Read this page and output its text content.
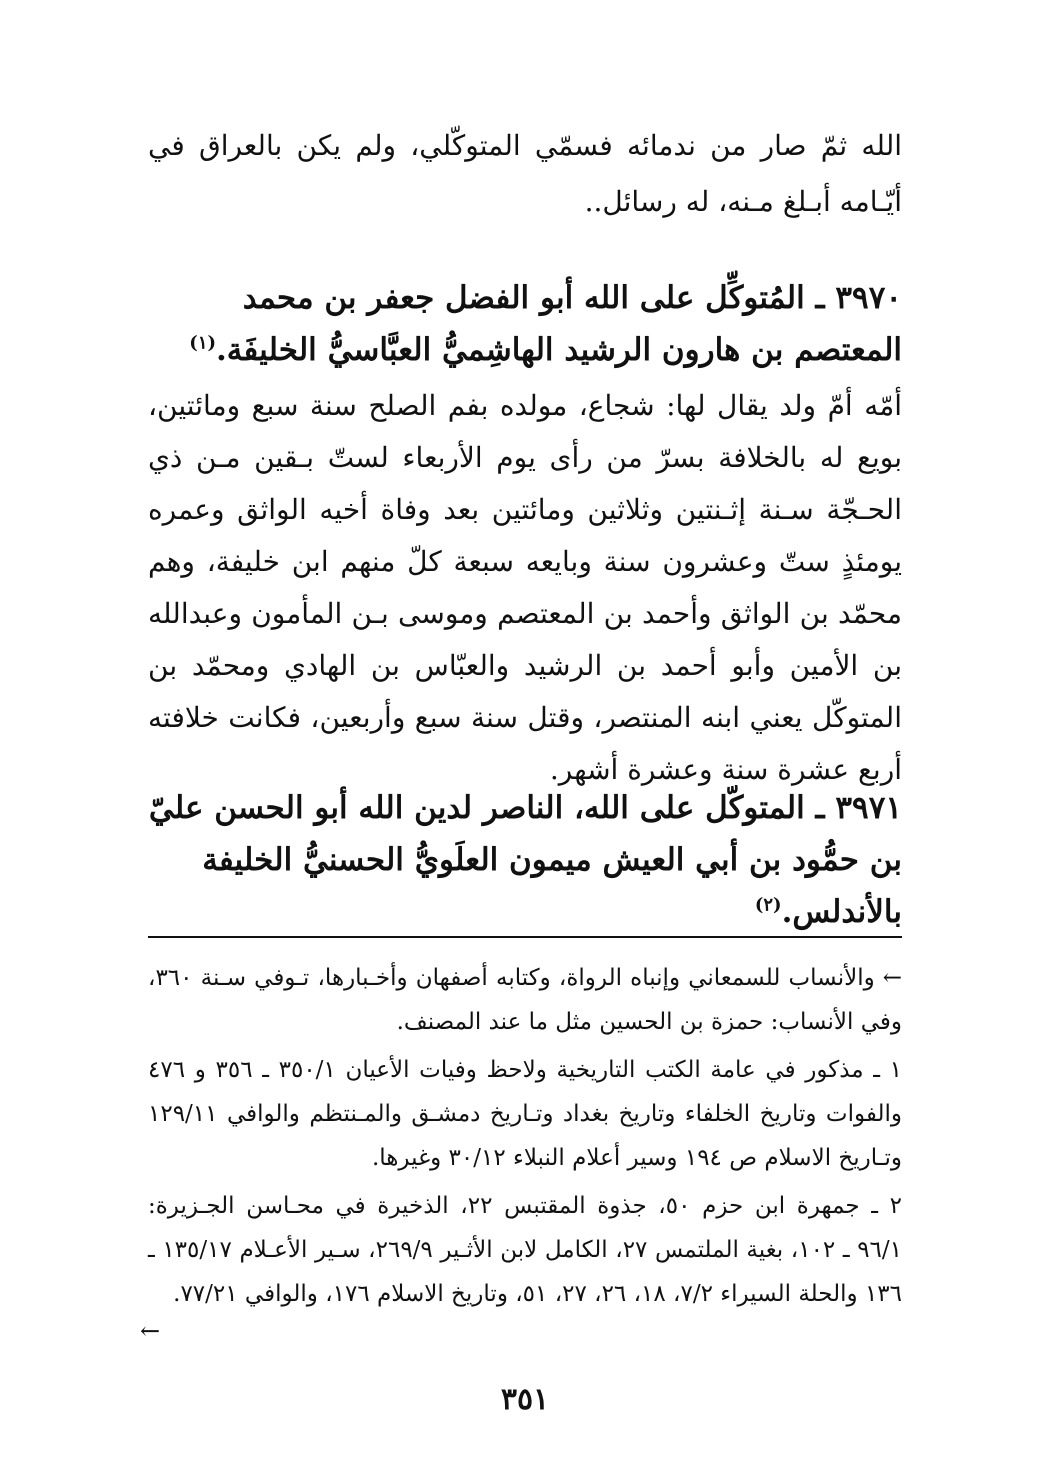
الله ثمّ صار من ندمائه فسمّي المتوكّلي، ولم يكن بالعراق في أيّـامه أبـلغ مـنه، له رسائل..
٣٩٧٠ ـ المُتوكِّل على الله أبو الفضل جعفر بن محمد المعتصم بن هارون الرشيد الهاشِميُّ العبَّاسيُّ الخليفَة.$^{(١)}$
أمّه أمّ ولد يقال لها: شجاع، مولده بفم الصلح سنة سبع ومائتين، بويع له بالخلافة بسرّ من رأى يوم الأربعاء لستّ بـقين مـن ذي الحـجّة سـنة إثـنتين وثلاثين ومائتين بعد وفاة أخيه الواثق وعمره يومئذٍ ستّ وعشرون سنة وبايعه سبعة كلّ منهم ابن خليفة، وهم محمّد بن الواثق وأحمد بن المعتصم وموسى بـن المأمون وعبدالله بن الأمين وأبو أحمد بن الرشيد والعبّاس بن الهادي ومحمّد بن المتوكّل يعني ابنه المنتصر، وقتل سنة سبع وأربعين، فكانت خلافته أربع عشرة سنة وعشرة أشهر.
٣٩٧١ ـ المتوكّل على الله، الناصر لدين الله أبو الحسن عليّ بن حمُّود بن أبي العيش ميمون العلَويُّ الحسنيُّ الخليفة بالأندلس.$^{(٢)}$

←والأنساب للسمعاني وإنباه الرواة، وكتابه أصفهان وأخـبارها، تـوفي سـنة ٣٦٠، وفي الأنساب: حمزة بن الحسين مثل ما عند المصنف.

١ ـ مذكور في عامة الكتب التاريخية ولاحظ وفيات الأعيان ٣٥٠/١ ـ ٣٥٦ و ٤٧٦ والفوات وتاريخ الخلفاء وتاريخ بغداد وتـاريخ دمشـق والمـنتظم والوافي ١٢٩/١١ وتـاريخ الاسلام ص ١٩٤ وسير أعلام النبلاء ٣٠/١٢ وغيرها.

٢ ـ جمهرة ابن حزم ٥٠، جذوة المقتبس ٢٢، الذخيرة في محـاسن الجـزيرة: ٩٦/١ ـ ١٠٢، بغية الملتمس ٢٧، الكامل لابن الأثـير ٢٦٩/٩، سـير الأعـلام ١٣٥/١٧ ـ ١٣٦ والحلة السيراء ٧/٢، ١٨، ٢٦، ٢٧، ٥١، وتاريخ الاسلام ١٧٦، والوافي ٧٧/٢١.

←
٣٥١
